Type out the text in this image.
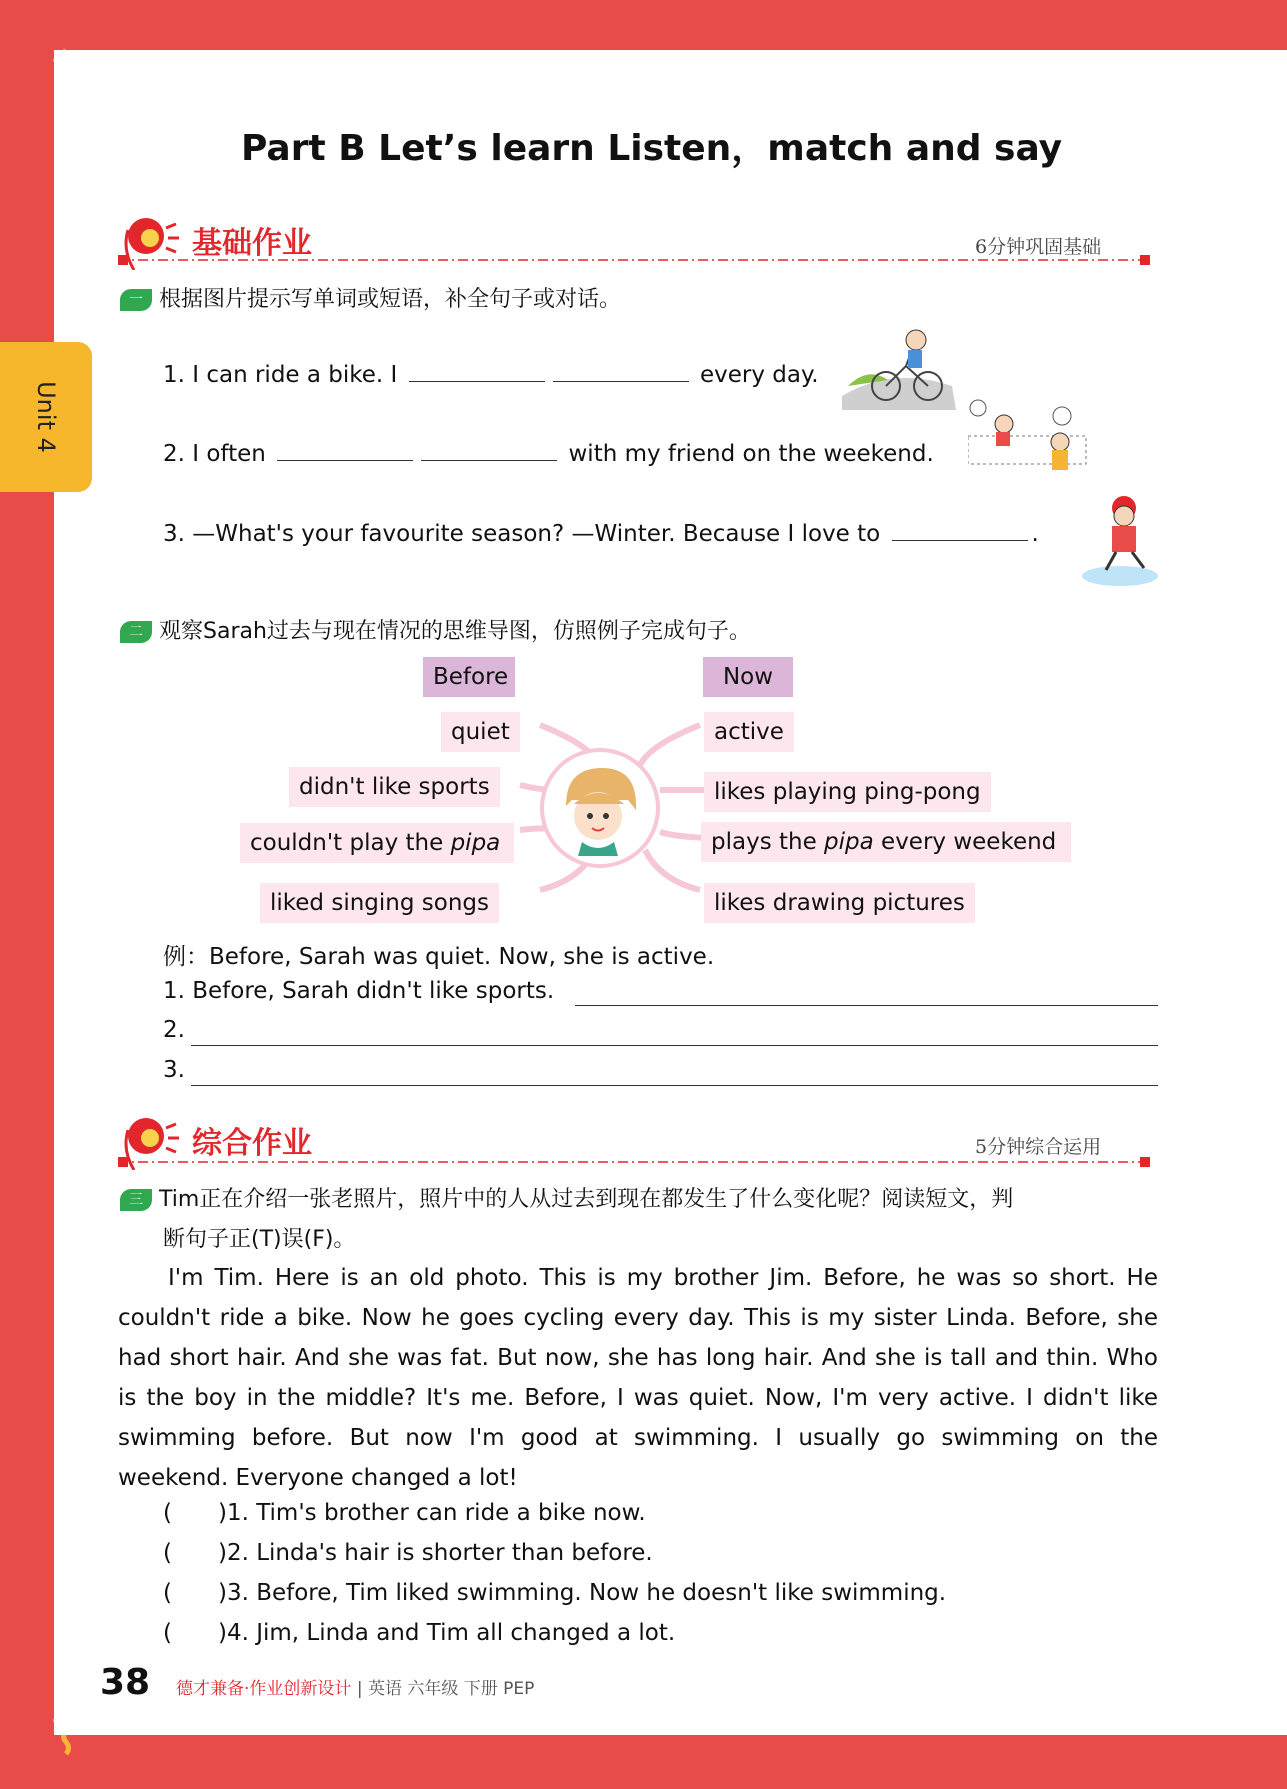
Unit 4
Part B Let’s learn Listen，match and say
基础作业	6分钟巩固基础
一 根据图片提示写单词或短语，补全句子或对话。
1. I can ride a bike. I	every day.
2. I often	with my friend on the weekend.
3. —What's your favourite season? —Winter. Because I love to	.
二 观察Sarah过去与现在情况的思维导图，仿照例子完成句子。
Before	Now
quiet
didn't like sports
couldn't play the pipa
liked singing songs
active
likes playing ping-pong
plays the pipa every weekend
likes drawing pictures
例：Before, Sarah was quiet. Now, she is active.
1. Before, Sarah didn't like sports.
2.
3.
综合作业	5分钟综合运用
三 Tim正在介绍一张老照片，照片中的人从过去到现在都发生了什么变化呢？阅读短文，判
断句子正(T)误(F)。
I'm Tim. Here is an old photo. This is my brother Jim. Before, he was so short. He couldn't ride a bike. Now he goes cycling every day. This is my sister Linda. Before, she had short hair. And she was fat. But now, she has long hair. And she is tall and thin. Who is the boy in the middle? It's me. Before, I was quiet. Now, I'm very active. I didn't like swimming before. But now I'm good at swimming. I usually go swimming on the weekend. Everyone changed a lot!
(  )1. Tim's brother can ride a bike now.
(  )2. Linda's hair is shorter than before.
(  )3. Before, Tim liked swimming. Now he doesn't like swimming.
(  )4. Jim, Linda and Tim all changed a lot.
38 德才兼备·作业创新设计 | 英语 六年级 下册 PEP
